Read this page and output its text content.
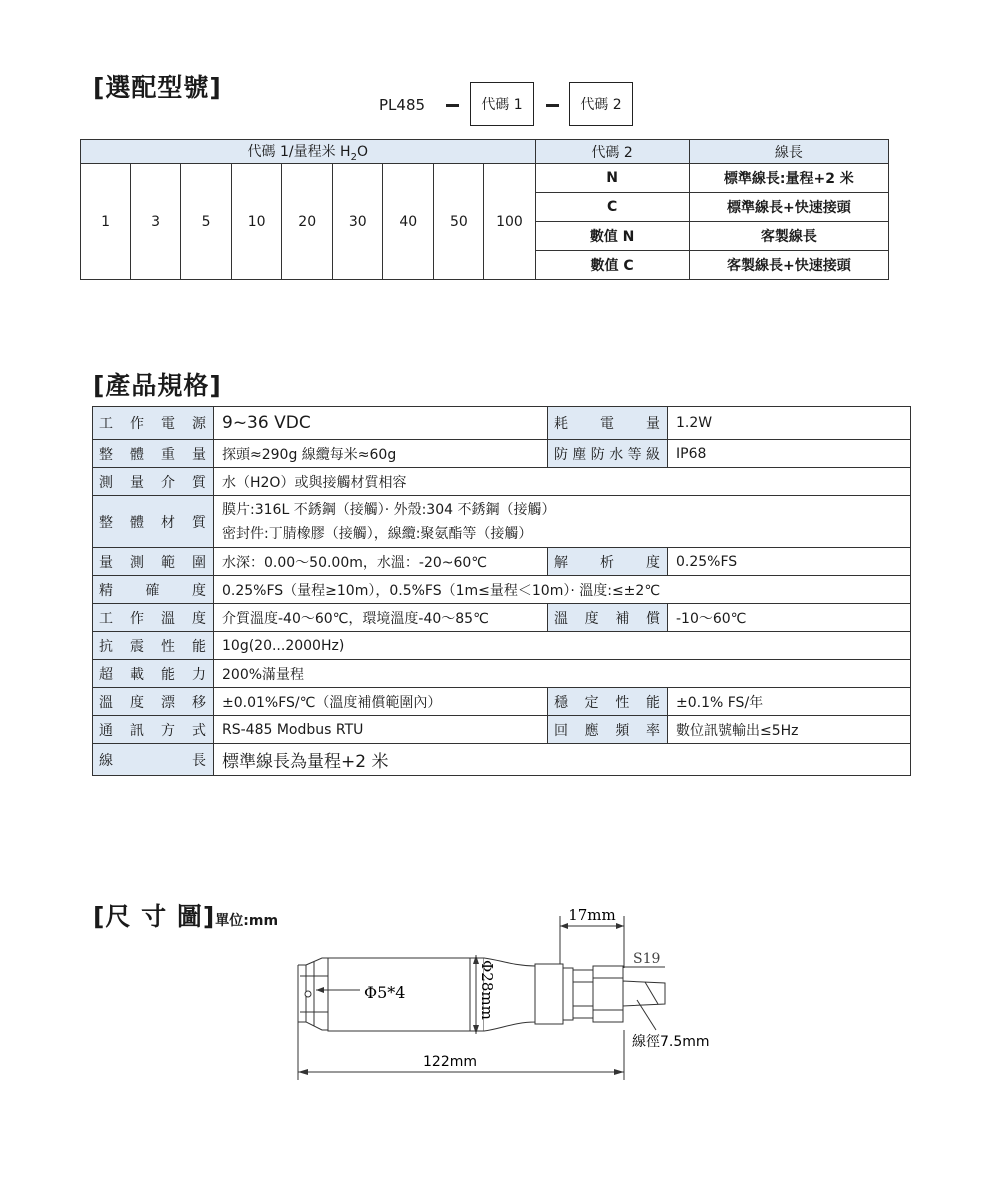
[選配型號]
PL485	代碼 1	代碼 2
代碼 1/量程米 $H_2O$									代碼 2	線長
1	3	5	10	20	30	40	50	100	N	標準線長:量程+2 米
									C	標準線長+快速接頭
									數值 N	客製線長
									數值 C	客製線長+快速接頭
[產品規格]
工作電源	9~36 VDC	耗電量	1.2W

整體重量	探頭≈290g 線纜每米≈60g	防塵防水等級	IP68

測量介質	水（H2O）或與接觸材質相容		

整體材質	膜片:316L 不銹鋼（接觸）· 外殼:304 不銹鋼（接觸）
密封件:丁腈橡膠（接觸），線纜:聚氨酯等（接觸）		

量測範圍	水深：0.00～50.00m，水溫：-20~60℃	解析度	0.25%FS

精確度	0.25%FS（量程≥10m），0.5%FS（1m≤量程＜10m）· 溫度:≤±2℃		

工作溫度	介質溫度-40～60℃，環境溫度-40～85℃	溫度補償	-10～60℃

抗震性能	10g(20...2000Hz)		

超載能力	200%滿量程		

溫度漂移	±0.01%FS/℃（溫度補償範圍內）	穩定性能	±0.1% FS/年

通訊方式	RS-485 Modbus RTU	回應頻率	數位訊號輸出≤5Hz

線長	標準線長為量程+2 米		
[尺 寸 圖]單位:mm	17mm
S19
Φ5*4	Φ28mm
線徑7.5mm
122mm
